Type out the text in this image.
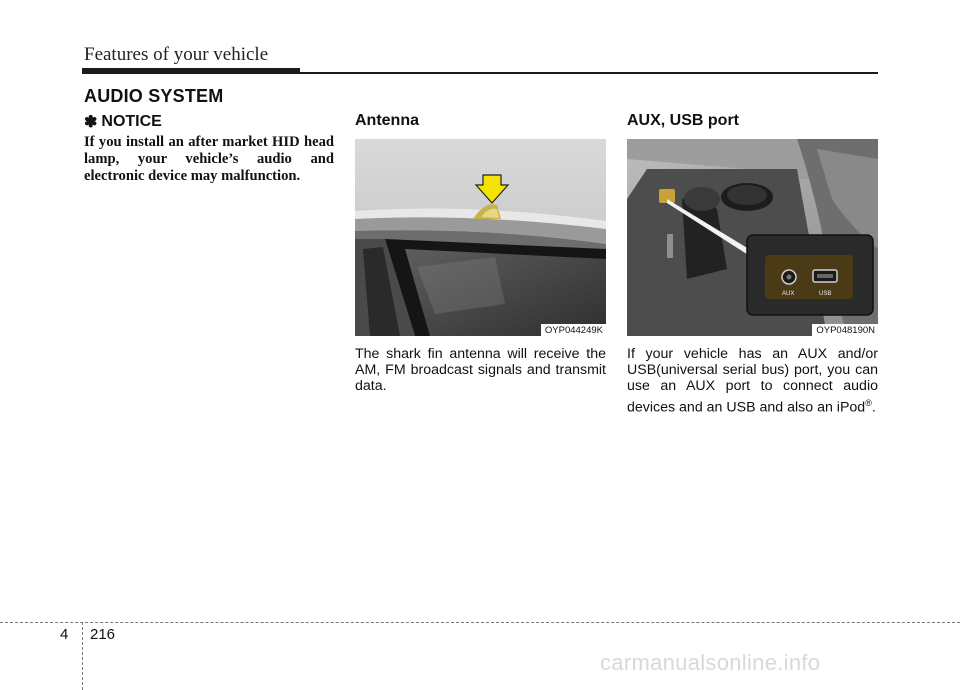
Features of your vehicle
AUDIO SYSTEM
✽ NOTICE
If you install an after market HID head lamp, your vehicle’s audio and electronic device may malfunction.
Antenna
OYP044249K
The shark fin antenna will receive the AM, FM broadcast signals and transmit data.
AUX, USB port
AUX	USB
OYP048190N
If your vehicle has an AUX and/or USB(universal serial bus) port, you can use an AUX port to connect audio devices and an USB and also an iPod®.
4 216
carmanualsonline.info
